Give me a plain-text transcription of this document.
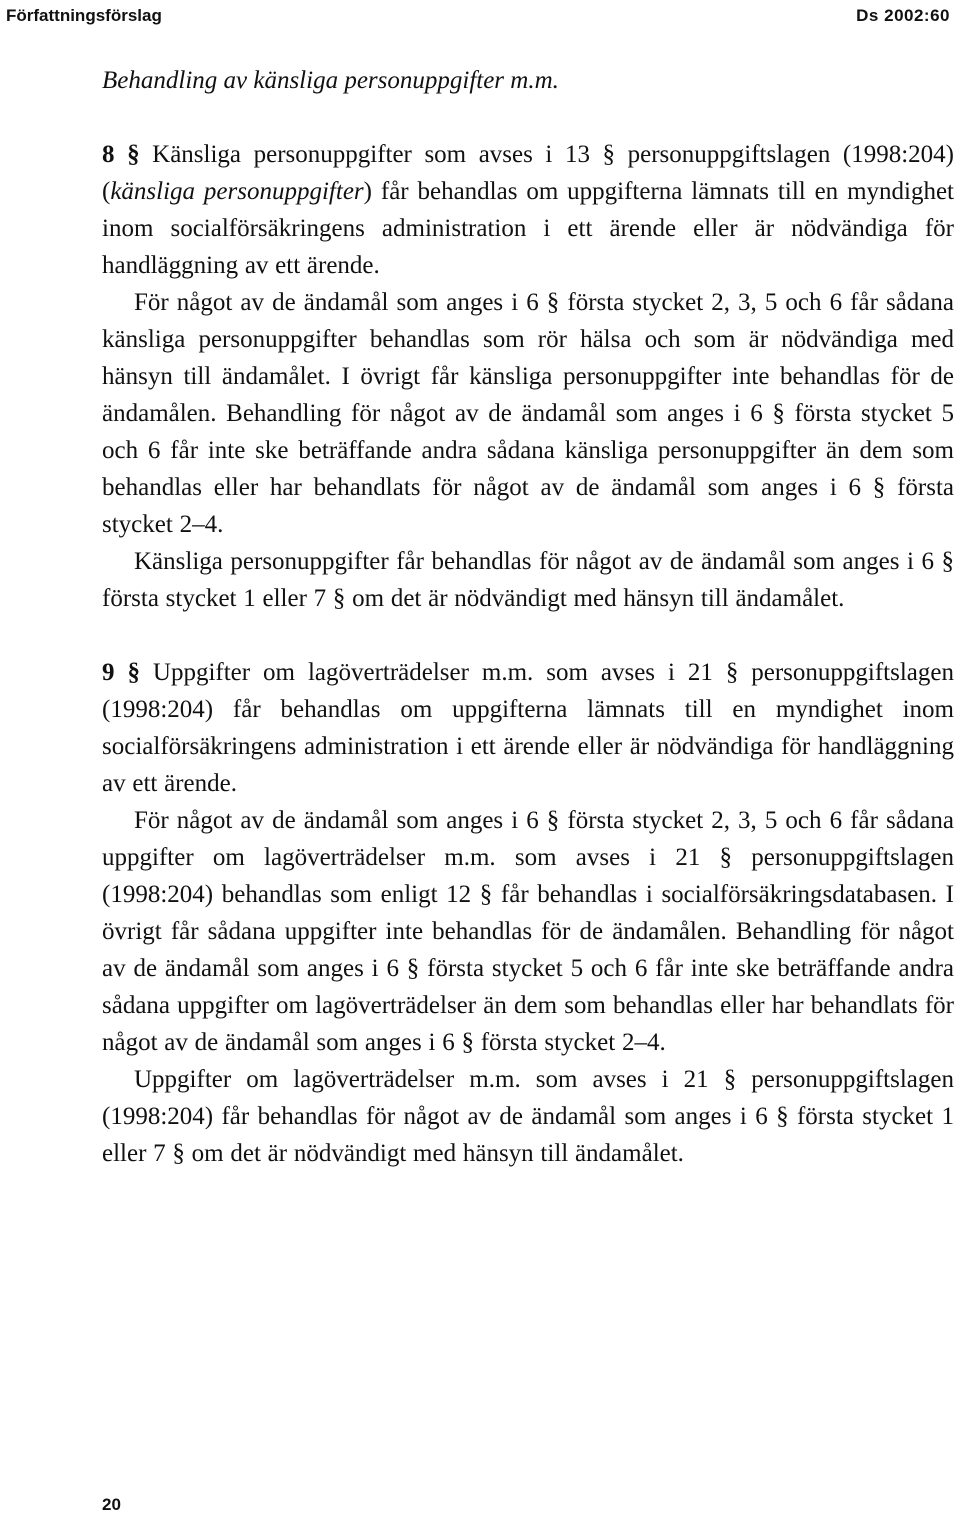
Författningsförslag	Ds 2002:60

Behandling av känsliga personuppgifter m.m.

8 § Känsliga personuppgifter som avses i 13 § personuppgiftslagen (1998:204) (känsliga personuppgifter) får behandlas om uppgifterna lämnats till en myndighet inom socialförsäkringens administration i ett ärende eller är nödvändiga för handläggning av ett ärende.

För något av de ändamål som anges i 6 § första stycket 2, 3, 5 och 6 får sådana känsliga personuppgifter behandlas som rör hälsa och som är nödvändiga med hänsyn till ändamålet. I övrigt får känsliga personuppgifter inte behandlas för de ändamålen. Behandling för något av de ändamål som anges i 6 § första stycket 5 och 6 får inte ske beträffande andra sådana känsliga personuppgifter än dem som behandlas eller har behandlats för något av de ändamål som anges i 6 § första stycket 2–4.

Känsliga personuppgifter får behandlas för något av de ändamål som anges i 6 § första stycket 1 eller 7 § om det är nödvändigt med hänsyn till ändamålet.

9 § Uppgifter om lagöverträdelser m.m. som avses i 21 § personuppgiftslagen (1998:204) får behandlas om uppgifterna lämnats till en myndighet inom socialförsäkringens administration i ett ärende eller är nödvändiga för handläggning av ett ärende.

För något av de ändamål som anges i 6 § första stycket 2, 3, 5 och 6 får sådana uppgifter om lagöverträdelser m.m. som avses i 21 § personuppgiftslagen (1998:204) behandlas som enligt 12 § får behandlas i socialförsäkringsdatabasen. I övrigt får sådana uppgifter inte behandlas för de ändamålen. Behandling för något av de ändamål som anges i 6 § första stycket 5 och 6 får inte ske beträffande andra sådana uppgifter om lagöverträdelser än dem som behandlas eller har behandlats för något av de ändamål som anges i 6 § första stycket 2–4.

Uppgifter om lagöverträdelser m.m. som avses i 21 § personuppgiftslagen (1998:204) får behandlas för något av de ändamål som anges i 6 § första stycket 1 eller 7 § om det är nödvändigt med hänsyn till ändamålet.

20
